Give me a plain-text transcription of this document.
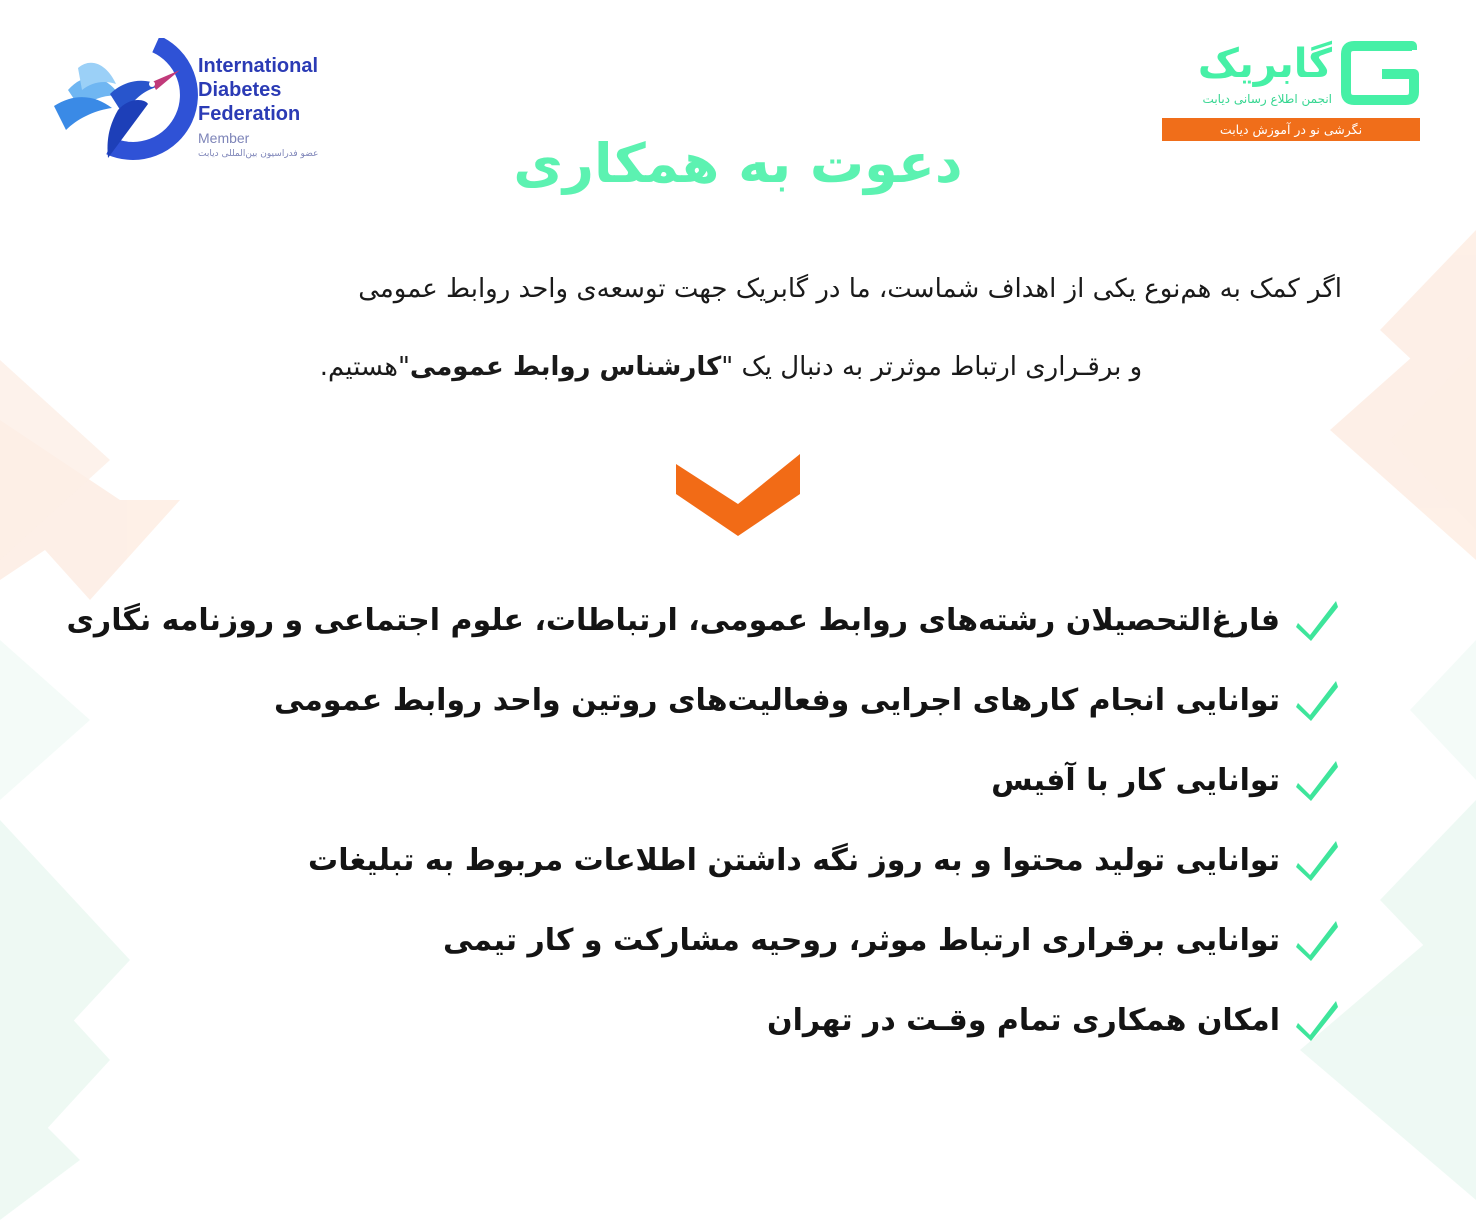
International
Diabetes
Federation
Member
عضو فدراسیون بین‌المللی دیابت
گابریک
انجمن اطلاع رسانی دیابت
نگرشی نو در آموزش دیابت
دعوت به همکاری
اگر کمک به هم‌نوع یکی از اهداف شماست، ما در گابریک جهت توسعه‌ی واحد روابط عمومی
و برقـراری ارتباط موثرتر به دنبال یک "کارشناس روابط عمومی"هستیم.
فارغ‌التحصیلان رشته‌های روابط عمومی، ارتباطات، علوم اجتماعی و روزنامه نگاری
توانایی انجام کارهای اجرایی وفعالیت‌های روتین واحد روابط عمومی
توانایی کار با آفیس
توانایی تولید محتوا و به روز نگه داشتن اطلاعات مربوط به تبلیغات
توانایی برقراری ارتباط موثر، روحیه مشارکت و کار تیمی
امکان همکاری تمام وقـت در تهران
